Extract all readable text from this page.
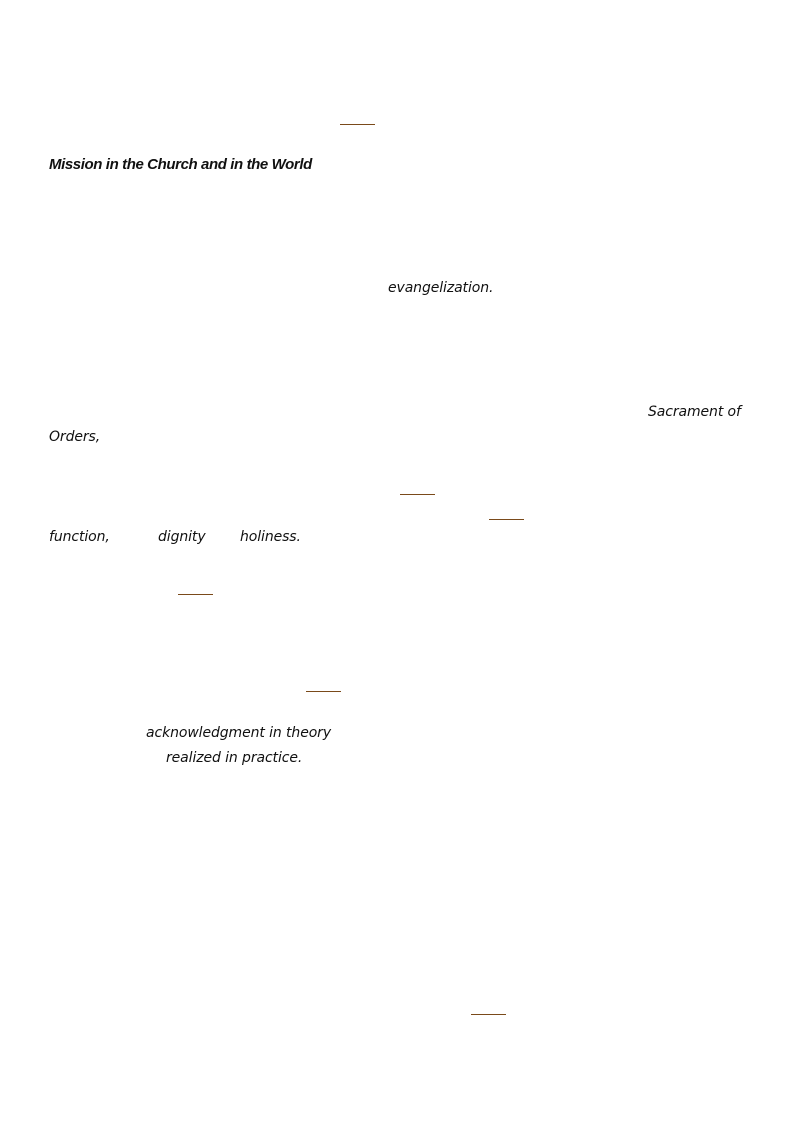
Mission in the Church and in the World
evangelization.
Sacrament of
Orders,
function,	dignity holiness.
acknowledgment in theory
realized in practice.
